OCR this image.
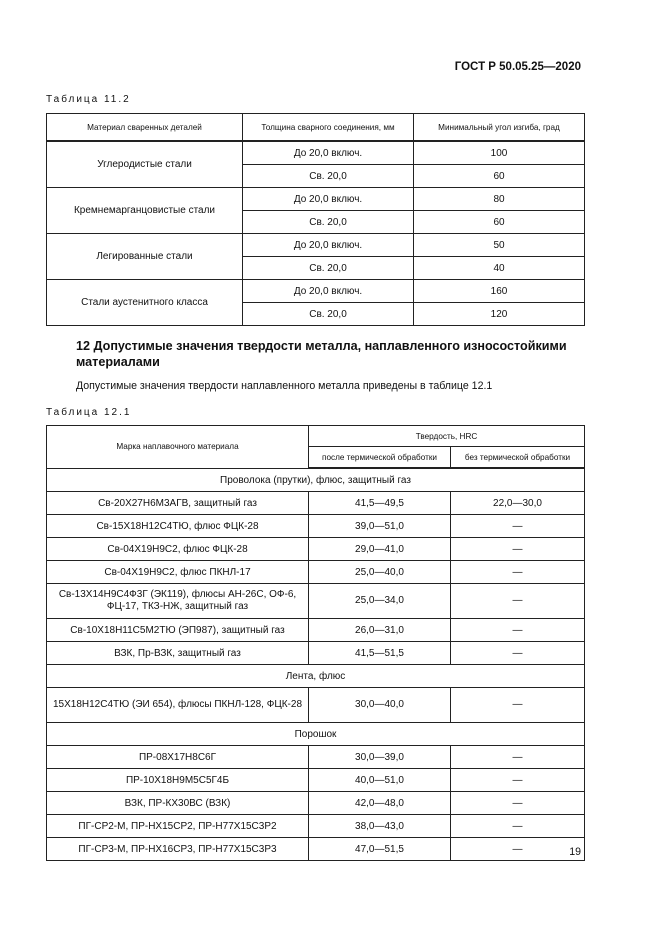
ГОСТ Р 50.05.25—2020
Таблица 11.2
Материал сваренных деталей	Толщина сварного соединения, мм	Минимальный угол изгиба, град
Углеродистые стали	До 20,0 включ.	100
	Св. 20,0	60
Кремнемарганцовистые стали	До 20,0 включ.	80
	Св. 20,0	60
Легированные стали	До 20,0 включ.	50
	Св. 20,0	40
Стали аустенитного класса	До 20,0 включ.	160
	Св. 20,0	120
12 Допустимые значения твердости металла, наплавленного износостойкими материалами
Допустимые значения твердости наплавленного металла приведены в таблице 12.1
Таблица 12.1
Марка наплавочного материала	Твердость, HRC	
	после термической обработки	без термической обработки
Проволока (прутки), флюс, защитный газ		
Св-20Х27Н6М3АГВ, защитный газ	41,5—49,5	22,0—30,0
Св-15Х18Н12С4ТЮ, флюс ФЦК-28	39,0—51,0	—
Св-04Х19Н9С2, флюс ФЦК-28	29,0—41,0	—
Св-04Х19Н9С2, флюс ПКНЛ-17	25,0—40,0	—
Св-13Х14Н9С4Ф3Г (ЭК119), флюсы АН-26С, ОФ-6, ФЦ-17, ТКЗ-НЖ, защитный газ	25,0—34,0	—
Св-10Х18Н11С5М2ТЮ (ЭП987), защитный газ	26,0—31,0	—
ВЗК, Пр-ВЗК, защитный газ	41,5—51,5	—
Лента, флюс		
15Х18Н12С4ТЮ (ЭИ 654), флюсы ПКНЛ-128, ФЦК-28	30,0—40,0	—
Порошок		
ПР-08Х17Н8С6Г	30,0—39,0	—
ПР-10Х18Н9М5С5Г4Б	40,0—51,0	—
ВЗК, ПР-КХ30ВС (ВЗК)	42,0—48,0	—
ПГ-СР2-М, ПР-НХ15СР2, ПР-Н77Х15С3Р2	38,0—43,0	—
ПГ-СР3-М, ПР-НХ16СР3, ПР-Н77Х15С3Р3	47,0—51,5	—	19
